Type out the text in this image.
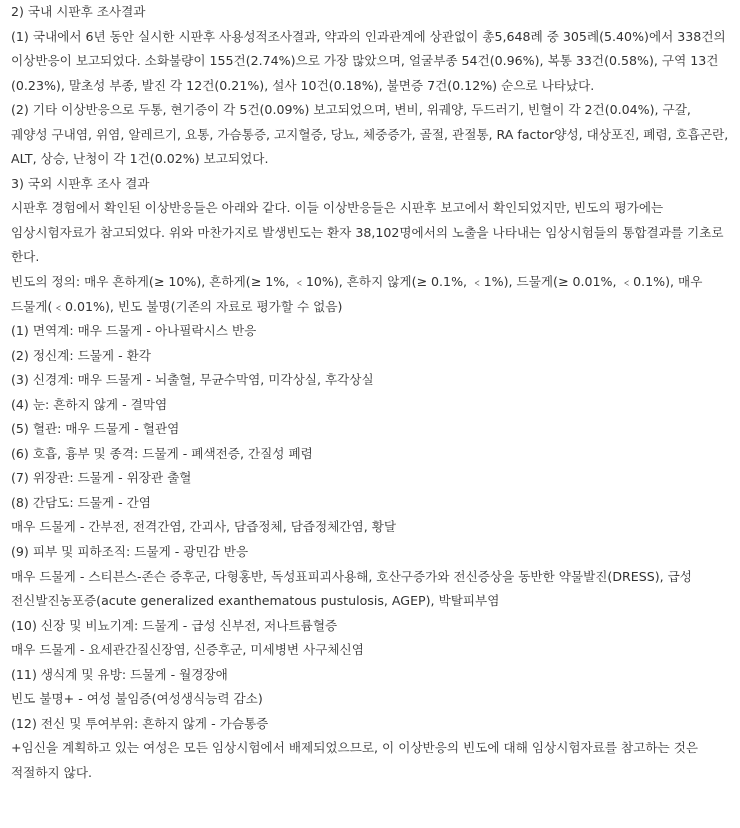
2) 국내 시판후 조사결과

(1) 국내에서 6년 동안 실시한 시판후 사용성적조사결과, 약과의 인과관계에 상관없이 총5,648례 중 305례(5.40%)에서 338건의 이상반응이 보고되었다. 소화불량이 155건(2.74%)으로 가장 많았으며, 얼굴부종 54건(0.96%), 복통 33건(0.58%), 구역 13건(0.23%), 말초성 부종, 발진 각 12건(0.21%), 설사 10건(0.18%), 불면증 7건(0.12%) 순으로 나타났다.

(2) 기타 이상반응으로 두통, 현기증이 각 5건(0.09%) 보고되었으며, 변비, 위궤양, 두드러기, 빈혈이 각 2건(0.04%), 구갈, 궤양성 구내염, 위염, 알레르기, 요통, 가슴통증, 고지혈증, 당뇨, 체중증가, 골절, 관절통, RA factor양성, 대상포진, 폐렴, 호흡곤란, ALT, 상승, 난청이 각 1건(0.02%) 보고되었다.

3) 국외 시판후 조사 결과

시판후 경험에서 확인된 이상반응들은 아래와 같다. 이들 이상반응들은 시판후 보고에서 확인되었지만, 빈도의 평가에는 임상시험자료가 참고되었다. 위와 마찬가지로 발생빈도는 환자 38,102명에서의 노출을 나타내는 임상시험들의 통합결과를 기초로 한다.

빈도의 정의: 매우 흔하게(≥ 10%), 흔하게(≥ 1%, ﹤10%), 흔하지 않게(≥ 0.1%, ﹤1%), 드물게(≥ 0.01%, ﹤0.1%), 매우 드물게(﹤0.01%), 빈도 불명(기존의 자료로 평가할 수 없음)

(1) 면역계: 매우 드물게 - 아나필락시스 반응

(2) 정신계: 드물게 - 환각

(3) 신경계: 매우 드물게 - 뇌출혈, 무균수막염, 미각상실, 후각상실

(4) 눈: 흔하지 않게 - 결막염

(5) 혈관: 매우 드물게 - 혈관염

(6) 호흡, 흉부 및 종격: 드물게 - 폐색전증, 간질성 폐렴

(7) 위장관: 드물게 - 위장관 출혈

(8) 간담도: 드물게 - 간염

매우 드물게 - 간부전, 전격간염, 간괴사, 담즙정체, 담즙정체간염, 황달

(9) 피부 및 피하조직: 드물게 - 광민감 반응

매우 드물게 - 스티븐스-존슨 증후군, 다형홍반, 독성표피괴사용해, 호산구증가와 전신증상을 동반한 약물발진(DRESS), 급성 전신발진농포증(acute generalized exanthematous pustulosis, AGEP), 박탈피부염

(10) 신장 및 비뇨기계: 드물게 - 급성 신부전, 저나트륨혈증

매우 드물게 - 요세관간질신장염, 신증후군, 미세병변 사구체신염

(11) 생식계 및 유방: 드물게 - 월경장애

빈도 불명+ - 여성 불임증(여성생식능력 감소)

(12) 전신 및 투여부위: 흔하지 않게 - 가슴통증

+임신을 계획하고 있는 여성은 모든 임상시험에서 배제되었으므로, 이 이상반응의 빈도에 대해 임상시험자료를 참고하는 것은 적절하지 않다.
